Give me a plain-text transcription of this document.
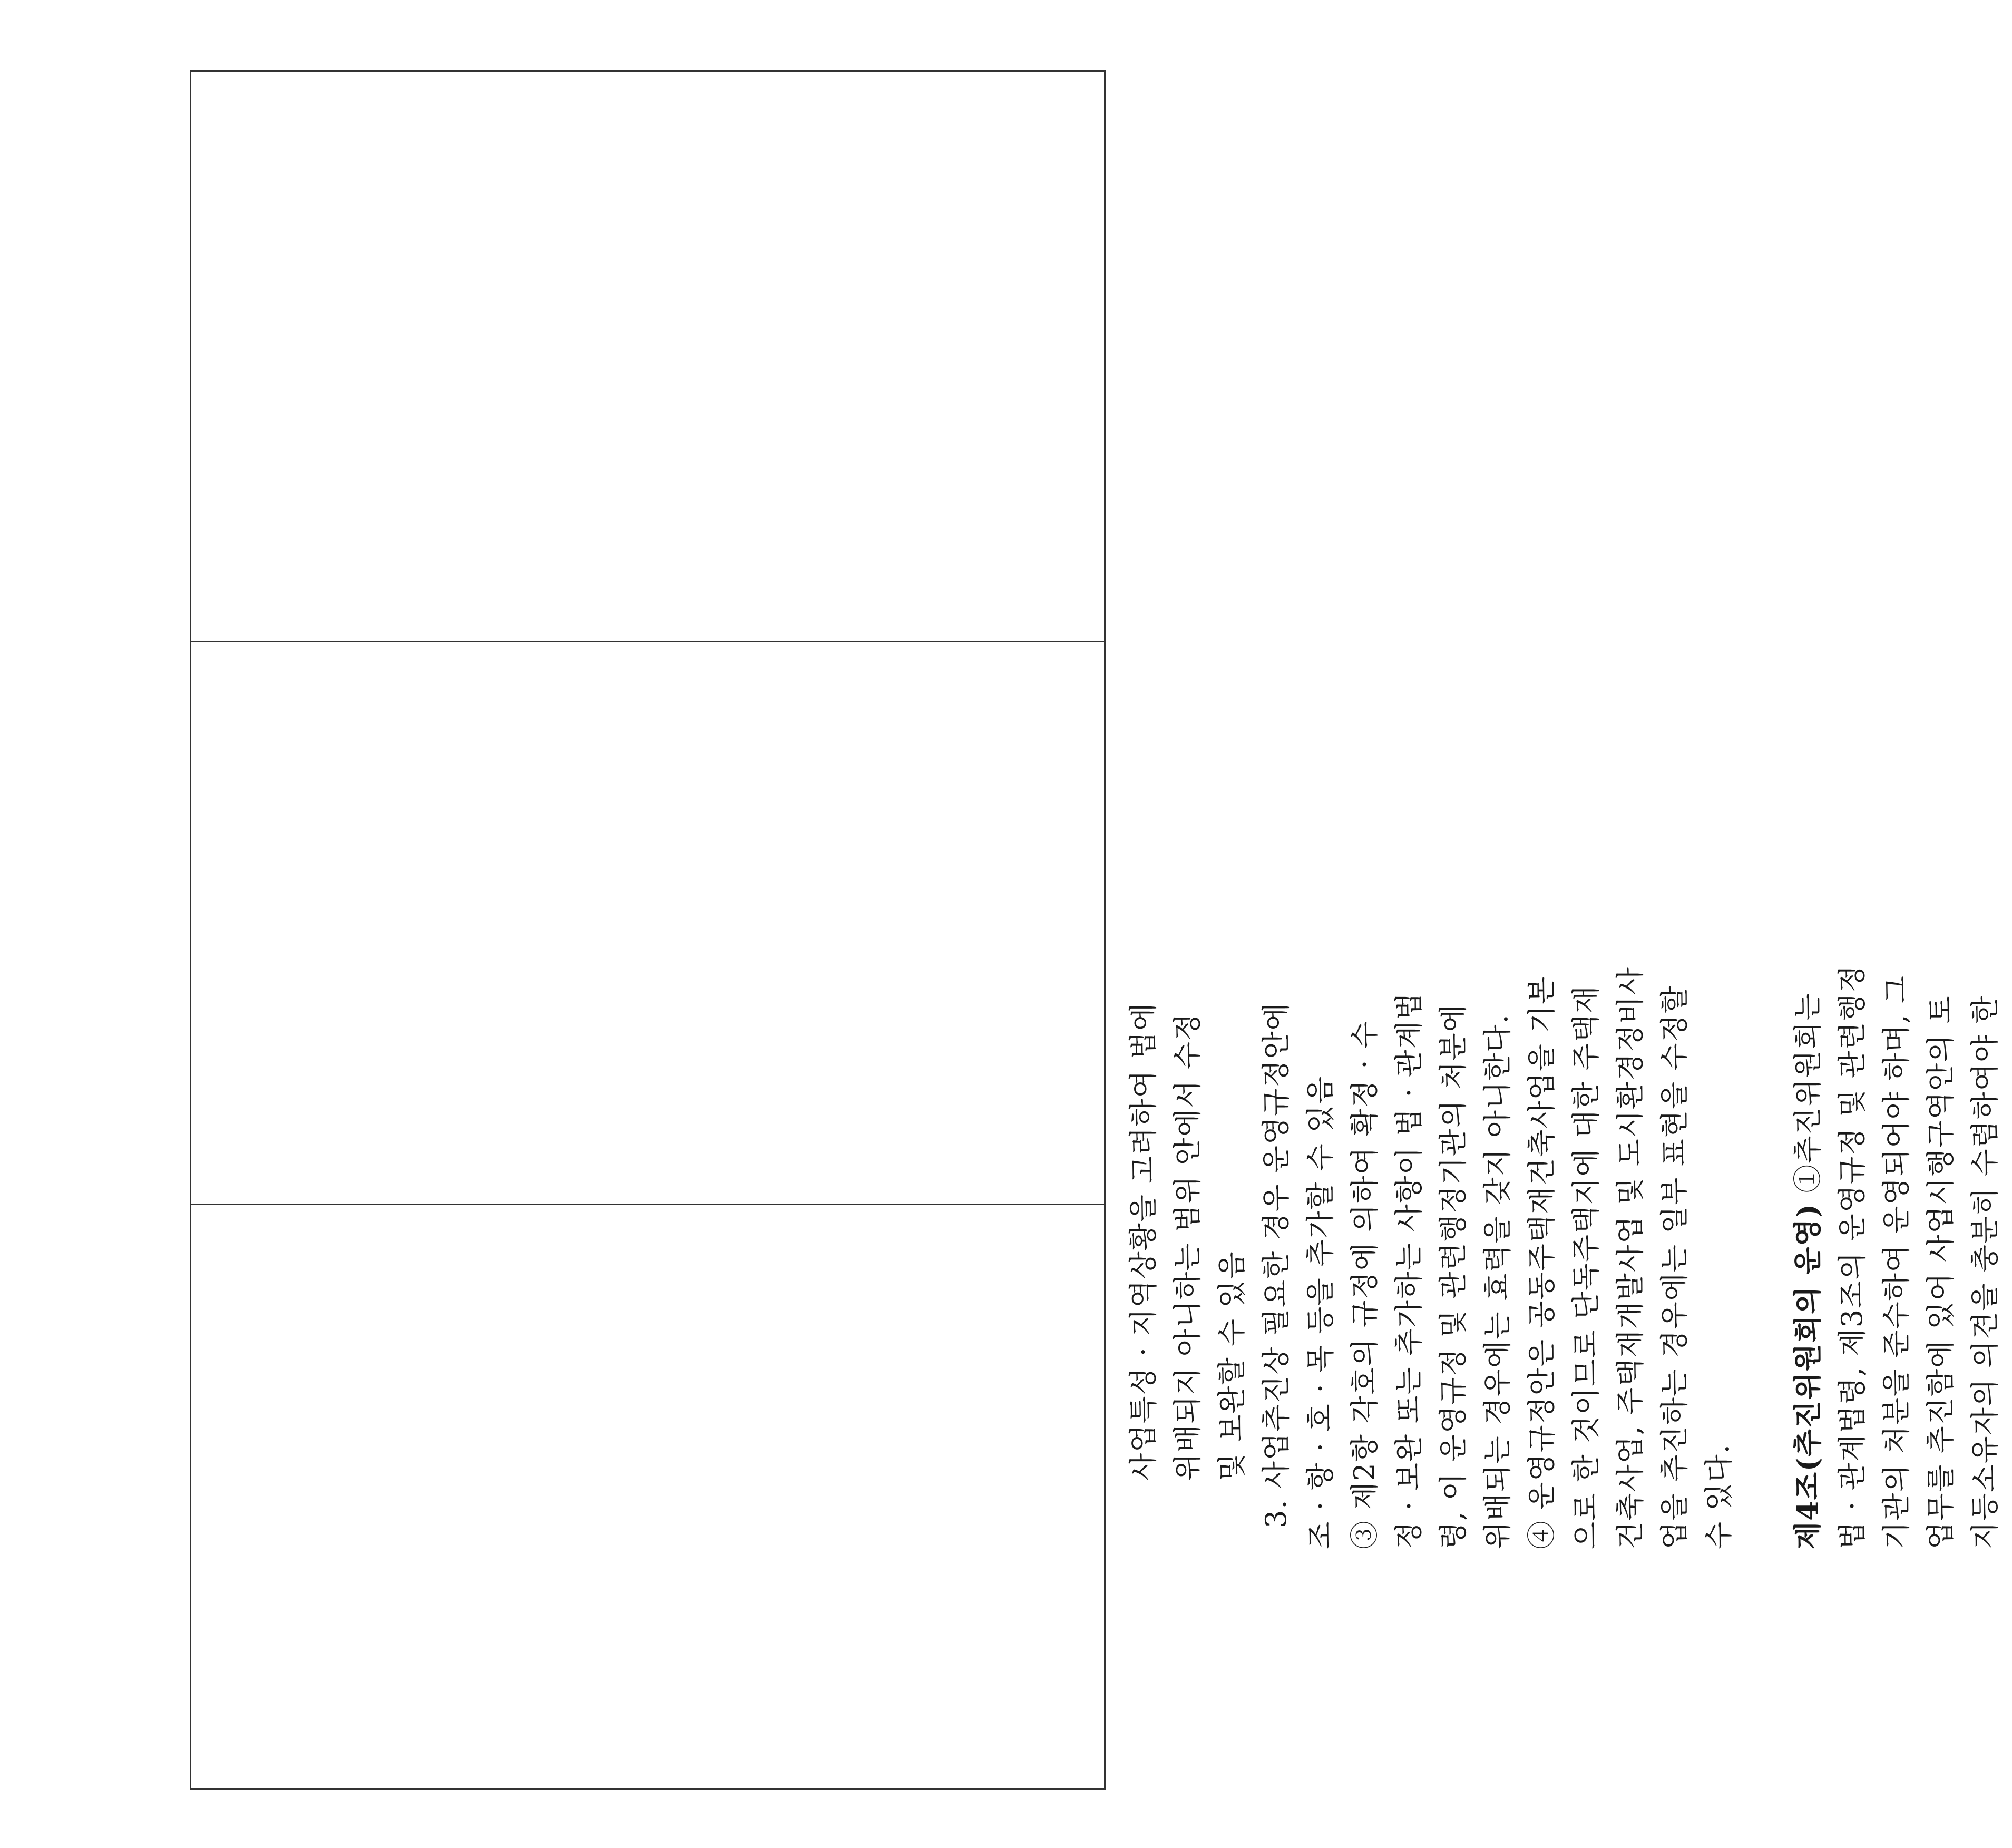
사업특성 · 지역상황을 고려하여 법에 위배되지 아니하는 범위 안에서 수정 및 보완할 수 있음 3. 사업추진상 필요한 경우 운영규정안에 조 · 항 · 호 · 목 등을 추가할 수 있음 ③ 제2항 각호의 규정에 의하여 확정 · 수 정 · 보완 또는 추가하는 사항이 법 · 관계법 령, 이 운영규정 및 관련행정기관의 처분에 위배되는 경우에는 효력을 갖지 아니한다. ④ 운영규정안은 공동주택재건축사업을 기본 으로 한 것이므로 단독주택지에 대한 주택재 건축사업, 주택재개발사업 및 도시환경정비사 업을 추진하는 경우에는 일부 표현을 수정할 수 있다. 제4조(추진위원회의 운영) ①추진위원회는 법 · 관계법령, 제3조의 운영규정 및 관련행정 기관의 처분을 준수하여 운영되어야 하며, 그 업무를 추진함에 있어 사업시행구역안의 토 지등소유자의 의견을 충분히 수렴하여야 한
